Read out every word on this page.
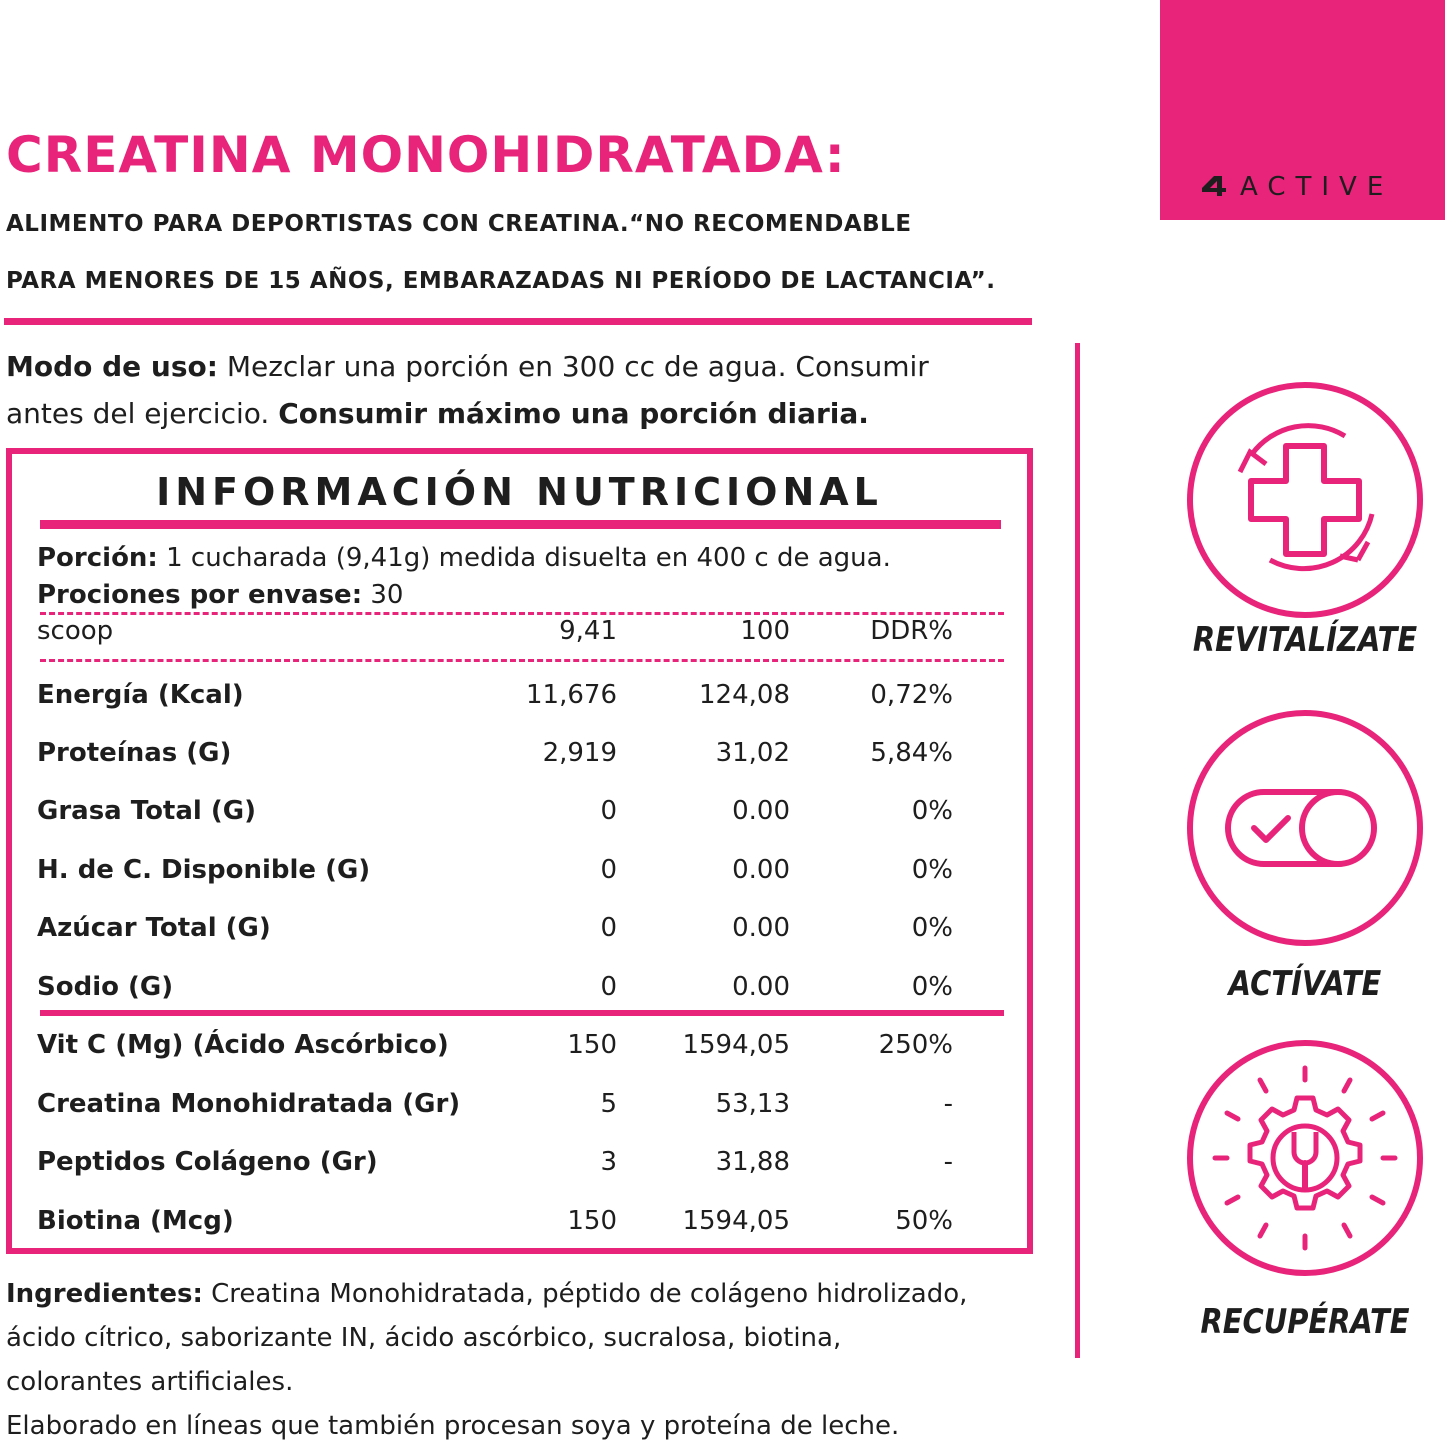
CREATINA MONOHIDRATADA:
ALIMENTO PARA DEPORTISTAS CON CREATINA.“NO RECOMENDABLE
PARA MENORES DE 15 AÑOS, EMBARAZADAS NI PERÍODO DE LACTANCIA”.
Modo de uso: Mezclar una porción en 300 cc de agua. Consumir
antes del ejercicio. Consumir máximo una porción diaria.
INFORMACIÓN NUTRICIONAL
Porción: 1 cucharada (9,41g) medida disuelta en 400 c de agua.
Prociones por envase: 30
scoop	9,41	100	DDR%
Energía (Kcal)	11,676	124,08	0,72%
Proteínas (G)	2,919	31,02	5,84%
Grasa Total (G)	0	0.00	0%
H. de C. Disponible (G)	0	0.00	0%
Azúcar Total (G)	0	0.00	0%
Sodio (G)	0	0.00	0%
Vit C (Mg) (Ácido Ascórbico)	150	1594,05	250%
Creatina Monohidratada (Gr)	5	53,13	-
Peptidos Colágeno (Gr)	3	31,88	-
Biotina (Mcg)	150	1594,05	50%
Ingredientes: Creatina Monohidratada, péptido de colágeno hidrolizado,
ácido cítrico, saborizante IN, ácido ascórbico, sucralosa, biotina,
colorantes artificiales.
Elaborado en líneas que también procesan soya y proteína de leche.
ACTIVE
REVITALÍZATE
ACTÍVATE
RECUPÉRATE
